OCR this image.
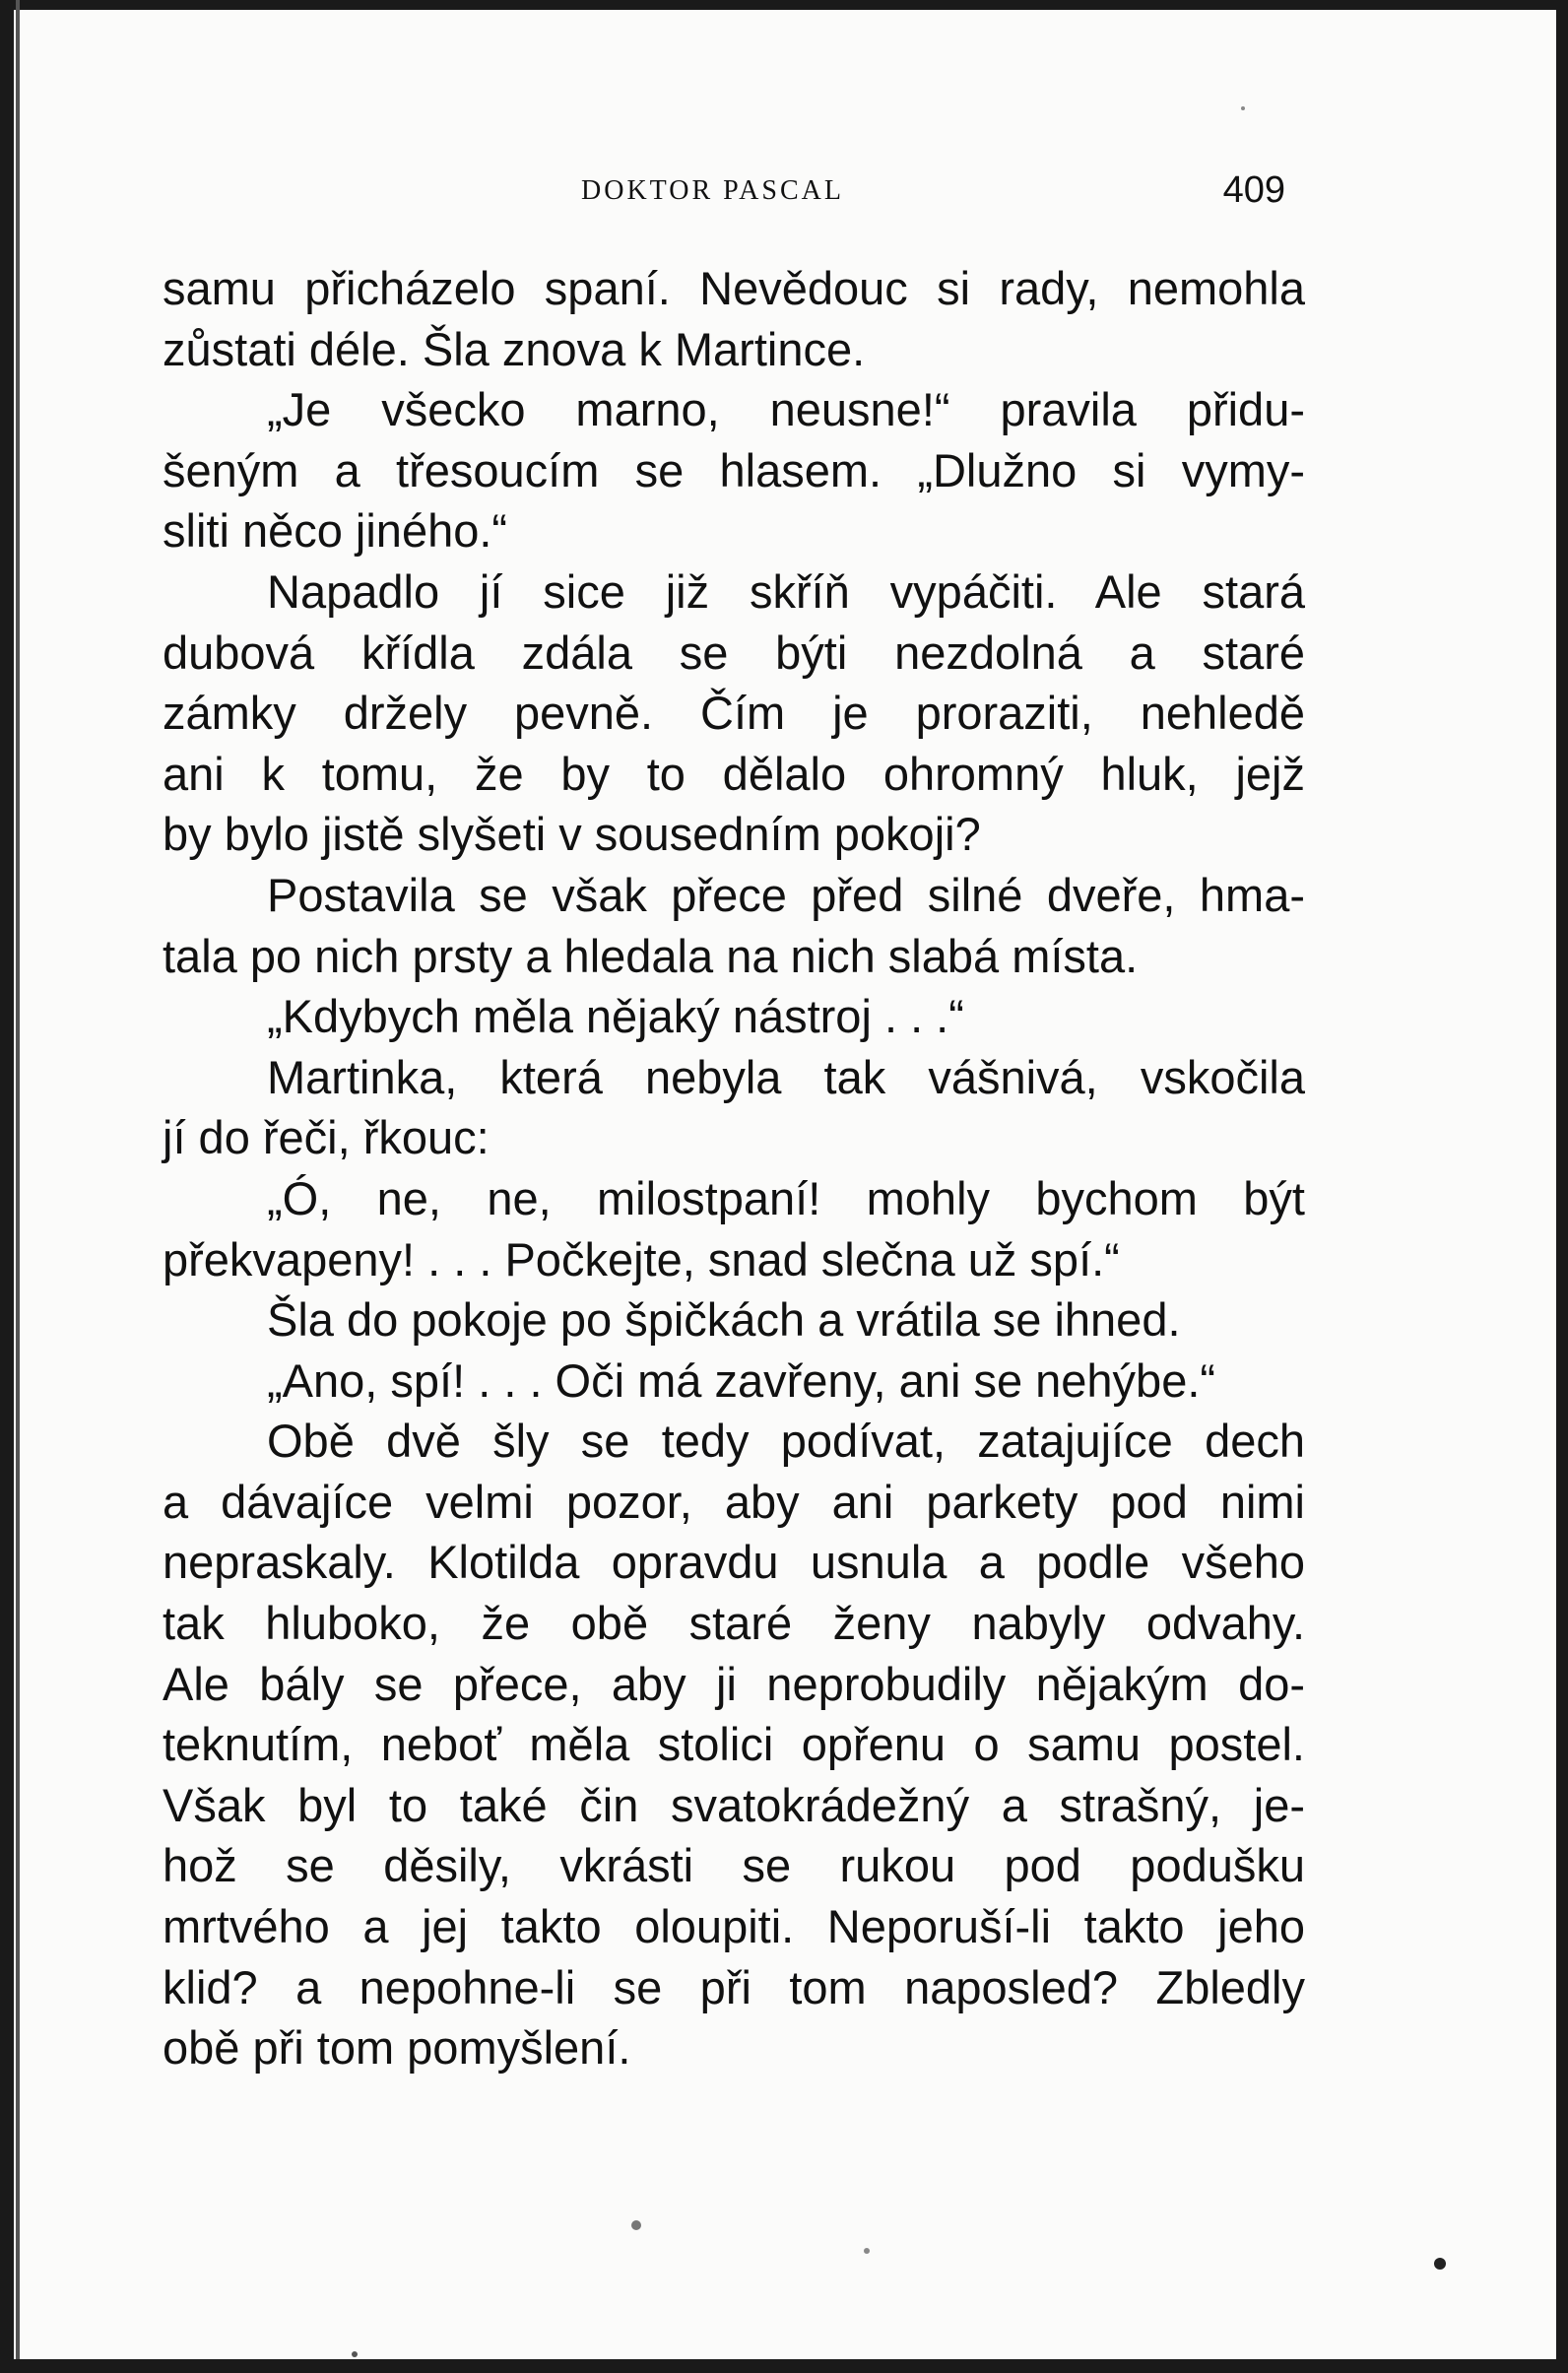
DOKTOR PASCAL	409
samu přicházelo spaní. Nevědouc si rady, nemohla
zůstati déle. Šla znova k Martince.
„Je všecko marno, neusne!“ pravila přidu-
šeným a třesoucím se hlasem. „Dlužno si vymy-
sliti něco jiného.“
Napadlo jí sice již skříň vypáčiti. Ale stará
dubová křídla zdála se býti nezdolná a staré
zámky držely pevně. Čím je proraziti, nehledě
ani k tomu, že by to dělalo ohromný hluk, jejž
by bylo jistě slyšeti v sousedním pokoji?
Postavila se však přece před silné dveře, hma-
tala po nich prsty a hledala na nich slabá místa.
„Kdybych měla nějaký nástroj . . .“
Martinka, která nebyla tak vášnivá, vskočila
jí do řeči, řkouc:
„Ó, ne, ne, milostpaní! mohly bychom být
překvapeny! . . . Počkejte, snad slečna už spí.“
Šla do pokoje po špičkách a vrátila se ihned.
„Ano, spí! . . . Oči má zavřeny, ani se nehýbe.“
Obě dvě šly se tedy podívat, zatajujíce dech
a dávajíce velmi pozor, aby ani parkety pod nimi
nepraskaly. Klotilda opravdu usnula a podle všeho
tak hluboko, že obě staré ženy nabyly odvahy.
Ale bály se přece, aby ji neprobudily nějakým do-
teknutím, neboť měla stolici opřenu o samu postel.
Však byl to také čin svatokrádežný a strašný, je-
hož se děsily, vkrásti se rukou pod podušku
mrtvého a jej takto oloupiti. Neporuší-li takto jeho
klid? a nepohne-li se při tom naposled? Zbledly
obě při tom pomyšlení.
